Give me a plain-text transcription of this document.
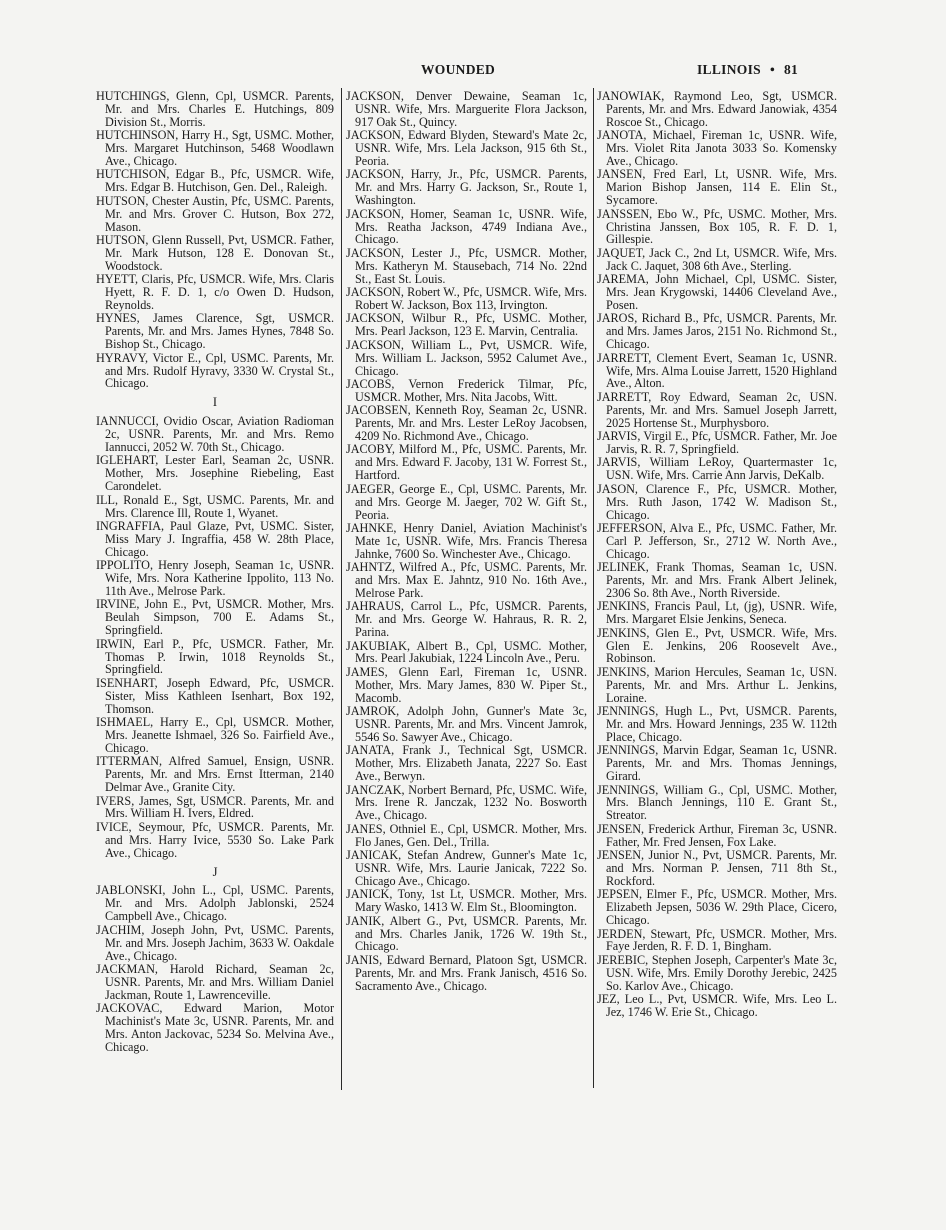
WOUNDED	ILLINOIS • 81
HUTCHINGS, Glenn, Cpl, USMCR. Parents, Mr. and Mrs. Charles E. Hutchings, 809 Division St., Morris.
HUTCHINSON, Harry H., Sgt, USMC. Mother, Mrs. Margaret Hutchinson, 5468 Woodlawn Ave., Chicago.
HUTCHISON, Edgar B., Pfc, USMCR. Wife, Mrs. Edgar B. Hutchison, Gen. Del., Raleigh.
HUTSON, Chester Austin, Pfc, USMC. Parents, Mr. and Mrs. Grover C. Hutson, Box 272, Mason.
HUTSON, Glenn Russell, Pvt, USMCR. Father, Mr. Mark Hutson, 128 E. Donovan St., Woodstock.
HYETT, Claris, Pfc, USMCR. Wife, Mrs. Claris Hyett, R. F. D. 1, c/o Owen D. Hudson, Reynolds.
HYNES, James Clarence, Sgt, USMCR. Parents, Mr. and Mrs. James Hynes, 7848 So. Bishop St., Chicago.
HYRAVY, Victor E., Cpl, USMC. Parents, Mr. and Mrs. Rudolf Hyravy, 3330 W. Crystal St., Chicago.
I
IANNUCCI, Ovidio Oscar, Aviation Radioman 2c, USNR. Parents, Mr. and Mrs. Remo Iannucci, 2052 W. 70th St., Chicago.
IGLEHART, Lester Earl, Seaman 2c, USNR. Mother, Mrs. Josephine Riebeling, East Carondelet.
ILL, Ronald E., Sgt, USMC. Parents, Mr. and Mrs. Clarence Ill, Route 1, Wyanet.
INGRAFFIA, Paul Glaze, Pvt, USMC. Sister, Miss Mary J. Ingraffia, 458 W. 28th Place, Chicago.
IPPOLITO, Henry Joseph, Seaman 1c, USNR. Wife, Mrs. Nora Katherine Ippolito, 113 No. 11th Ave., Melrose Park.
IRVINE, John E., Pvt, USMCR. Mother, Mrs. Beulah Simpson, 700 E. Adams St., Springfield.
IRWIN, Earl P., Pfc, USMCR. Father, Mr. Thomas P. Irwin, 1018 Reynolds St., Springfield.
ISENHART, Joseph Edward, Pfc, USMCR. Sister, Miss Kathleen Isenhart, Box 192, Thomson.
ISHMAEL, Harry E., Cpl, USMCR. Mother, Mrs. Jeanette Ishmael, 326 So. Fairfield Ave., Chicago.
ITTERMAN, Alfred Samuel, Ensign, USNR. Parents, Mr. and Mrs. Ernst Itterman, 2140 Delmar Ave., Granite City.
IVERS, James, Sgt, USMCR. Parents, Mr. and Mrs. William H. Ivers, Eldred.
IVICE, Seymour, Pfc, USMCR. Parents, Mr. and Mrs. Harry Ivice, 5530 So. Lake Park Ave., Chicago.
J
JABLONSKI, John L., Cpl, USMC. Parents, Mr. and Mrs. Adolph Jablonski, 2524 Campbell Ave., Chicago.
JACHIM, Joseph John, Pvt, USMC. Parents, Mr. and Mrs. Joseph Jachim, 3633 W. Oakdale Ave., Chicago.
JACKMAN, Harold Richard, Seaman 2c, USNR. Parents, Mr. and Mrs. William Daniel Jackman, Route 1, Lawrenceville.
JACKOVAC, Edward Marion, Motor Machinist's Mate 3c, USNR. Parents, Mr. and Mrs. Anton Jackovac, 5234 So. Melvina Ave., Chicago.
JACKSON, Denver Dewaine, Seaman 1c, USNR. Wife, Mrs. Marguerite Flora Jackson, 917 Oak St., Quincy.
JACKSON, Edward Blyden, Steward's Mate 2c, USNR. Wife, Mrs. Lela Jackson, 915 6th St., Peoria.
JACKSON, Harry, Jr., Pfc, USMCR. Parents, Mr. and Mrs. Harry G. Jackson, Sr., Route 1, Washington.
JACKSON, Homer, Seaman 1c, USNR. Wife, Mrs. Reatha Jackson, 4749 Indiana Ave., Chicago.
JACKSON, Lester J., Pfc, USMCR. Mother, Mrs. Katheryn M. Stausebach, 714 No. 22nd St., East St. Louis.
JACKSON, Robert W., Pfc, USMCR. Wife, Mrs. Robert W. Jackson, Box 113, Irvington.
JACKSON, Wilbur R., Pfc, USMC. Mother, Mrs. Pearl Jackson, 123 E. Marvin, Centralia.
JACKSON, William L., Pvt, USMCR. Wife, Mrs. William L. Jackson, 5952 Calumet Ave., Chicago.
JACOBS, Vernon Frederick Tilmar, Pfc, USMCR. Mother, Mrs. Nita Jacobs, Witt.
JACOBSEN, Kenneth Roy, Seaman 2c, USNR. Parents, Mr. and Mrs. Lester LeRoy Jacobsen, 4209 No. Richmond Ave., Chicago.
JACOBY, Milford M., Pfc, USMC. Parents, Mr. and Mrs. Edward F. Jacoby, 131 W. Forrest St., Hartford.
JAEGER, George E., Cpl, USMC. Parents, Mr. and Mrs. George M. Jaeger, 702 W. Gift St., Peoria.
JAHNKE, Henry Daniel, Aviation Machinist's Mate 1c, USNR. Wife, Mrs. Francis Theresa Jahnke, 7600 So. Winchester Ave., Chicago.
JAHNTZ, Wilfred A., Pfc, USMC. Parents, Mr. and Mrs. Max E. Jahntz, 910 No. 16th Ave., Melrose Park.
JAHRAUS, Carrol L., Pfc, USMCR. Parents, Mr. and Mrs. George W. Hahraus, R. R. 2, Parina.
JAKUBIAK, Albert B., Cpl, USMC. Mother, Mrs. Pearl Jakubiak, 1224 Lincoln Ave., Peru.
JAMES, Glenn Earl, Fireman 1c, USNR. Mother, Mrs. Mary James, 830 W. Piper St., Macomb.
JAMROK, Adolph John, Gunner's Mate 3c, USNR. Parents, Mr. and Mrs. Vincent Jamrok, 5546 So. Sawyer Ave., Chicago.
JANATA, Frank J., Technical Sgt, USMCR. Mother, Mrs. Elizabeth Janata, 2227 So. East Ave., Berwyn.
JANCZAK, Norbert Bernard, Pfc, USMC. Wife, Mrs. Irene R. Janczak, 1232 No. Bosworth Ave., Chicago.
JANES, Othniel E., Cpl, USMCR. Mother, Mrs. Flo Janes, Gen. Del., Trilla.
JANICAK, Stefan Andrew, Gunner's Mate 1c, USNR. Wife, Mrs. Laurie Janicak, 7222 So. Chicago Ave., Chicago.
JANICK, Tony, 1st Lt, USMCR. Mother, Mrs. Mary Wasko, 1413 W. Elm St., Bloomington.
JANIK, Albert G., Pvt, USMCR. Parents, Mr. and Mrs. Charles Janik, 1726 W. 19th St., Chicago.
JANIS, Edward Bernard, Platoon Sgt, USMCR. Parents, Mr. and Mrs. Frank Janisch, 4516 So. Sacramento Ave., Chicago.
JANOWIAK, Raymond Leo, Sgt, USMCR. Parents, Mr. and Mrs. Edward Janowiak, 4354 Roscoe St., Chicago.
JANOTA, Michael, Fireman 1c, USNR. Wife, Mrs. Violet Rita Janota 3033 So. Komensky Ave., Chicago.
JANSEN, Fred Earl, Lt, USNR. Wife, Mrs. Marion Bishop Jansen, 114 E. Elin St., Sycamore.
JANSSEN, Ebo W., Pfc, USMC. Mother, Mrs. Christina Janssen, Box 105, R. F. D. 1, Gillespie.
JAQUET, Jack C., 2nd Lt, USMCR. Wife, Mrs. Jack C. Jaquet, 308 6th Ave., Sterling.
JAREMA, John Michael, Cpl, USMC. Sister, Mrs. Jean Krygowski, 14406 Cleveland Ave., Posen.
JAROS, Richard B., Pfc, USMCR. Parents, Mr. and Mrs. James Jaros, 2151 No. Richmond St., Chicago.
JARRETT, Clement Evert, Seaman 1c, USNR. Wife, Mrs. Alma Louise Jarrett, 1520 Highland Ave., Alton.
JARRETT, Roy Edward, Seaman 2c, USN. Parents, Mr. and Mrs. Samuel Joseph Jarrett, 2025 Hortense St., Murphysboro.
JARVIS, Virgil E., Pfc, USMCR. Father, Mr. Joe Jarvis, R. R. 7, Springfield.
JARVIS, William LeRoy, Quartermaster 1c, USN. Wife, Mrs. Carrie Ann Jarvis, DeKalb.
JASON, Clarence F., Pfc, USMCR. Mother, Mrs. Ruth Jason, 1742 W. Madison St., Chicago.
JEFFERSON, Alva E., Pfc, USMC. Father, Mr. Carl P. Jefferson, Sr., 2712 W. North Ave., Chicago.
JELINEK, Frank Thomas, Seaman 1c, USN. Parents, Mr. and Mrs. Frank Albert Jelinek, 2306 So. 8th Ave., North Riverside.
JENKINS, Francis Paul, Lt, (jg), USNR. Wife, Mrs. Margaret Elsie Jenkins, Seneca.
JENKINS, Glen E., Pvt, USMCR. Wife, Mrs. Glen E. Jenkins, 206 Roosevelt Ave., Robinson.
JENKINS, Marion Hercules, Seaman 1c, USN. Parents, Mr. and Mrs. Arthur L. Jenkins, Loraine.
JENNINGS, Hugh L., Pvt, USMCR. Parents, Mr. and Mrs. Howard Jennings, 235 W. 112th Place, Chicago.
JENNINGS, Marvin Edgar, Seaman 1c, USNR. Parents, Mr. and Mrs. Thomas Jennings, Girard.
JENNINGS, William G., Cpl, USMC. Mother, Mrs. Blanch Jennings, 110 E. Grant St., Streator.
JENSEN, Frederick Arthur, Fireman 3c, USNR. Father, Mr. Fred Jensen, Fox Lake.
JENSEN, Junior N., Pvt, USMCR. Parents, Mr. and Mrs. Norman P. Jensen, 711 8th St., Rockford.
JEPSEN, Elmer F., Pfc, USMCR. Mother, Mrs. Elizabeth Jepsen, 5036 W. 29th Place, Cicero, Chicago.
JERDEN, Stewart, Pfc, USMCR. Mother, Mrs. Faye Jerden, R. F. D. 1, Bingham.
JEREBIC, Stephen Joseph, Carpenter's Mate 3c, USN. Wife, Mrs. Emily Dorothy Jerebic, 2425 So. Karlov Ave., Chicago.
JEZ, Leo L., Pvt, USMCR. Wife, Mrs. Leo L. Jez, 1746 W. Erie St., Chicago.
